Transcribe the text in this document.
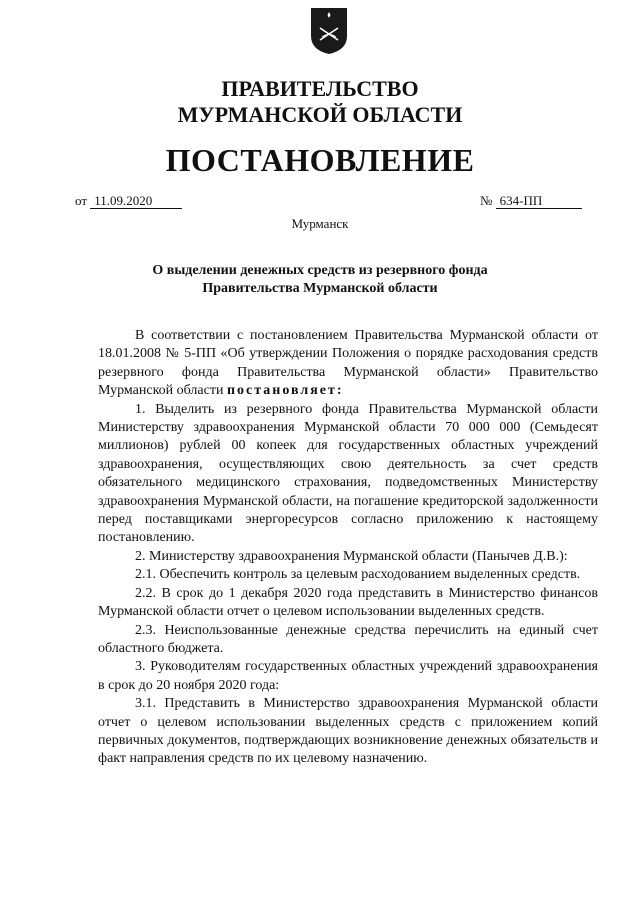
ПРАВИТЕЛЬСТВО
МУРМАНСКОЙ ОБЛАСТИ
ПОСТАНОВЛЕНИЕ
от 11.09.2020	№ 634-ПП
Мурманск
О выделении денежных средств из резервного фонда
Правительства Мурманской области

В соответствии с постановлением Правительства Мурманской области от 18.01.2008 № 5-ПП «Об утверждении Положения о порядке расходования средств резервного фонда Правительства Мурманской области» Правительство Мурманской области постановляет:

1. Выделить из резервного фонда Правительства Мурманской области Министерству здравоохранения Мурманской области 70 000 000 (Семьдесят миллионов) рублей 00 копеек для государственных областных учреждений здравоохранения, осуществляющих свою деятельность за счет средств обязательного медицинского страхования, подведомственных Министерству здравоохранения Мурманской области, на погашение кредиторской задолженности перед поставщиками энергоресурсов согласно приложению к настоящему постановлению.

2. Министерству здравоохранения Мурманской области (Панычев Д.В.):

2.1. Обеспечить контроль за целевым расходованием выделенных средств.

2.2. В срок до 1 декабря 2020 года представить в Министерство финансов Мурманской области отчет о целевом использовании выделенных средств.

2.3. Неиспользованные денежные средства перечислить на единый счет областного бюджета.

3. Руководителям государственных областных учреждений здравоохранения в срок до 20 ноября 2020 года:

3.1. Представить в Министерство здравоохранения Мурманской области отчет о целевом использовании выделенных средств с приложением копий первичных документов, подтверждающих возникновение денежных обязательств и факт направления средств по их целевому назначению.
